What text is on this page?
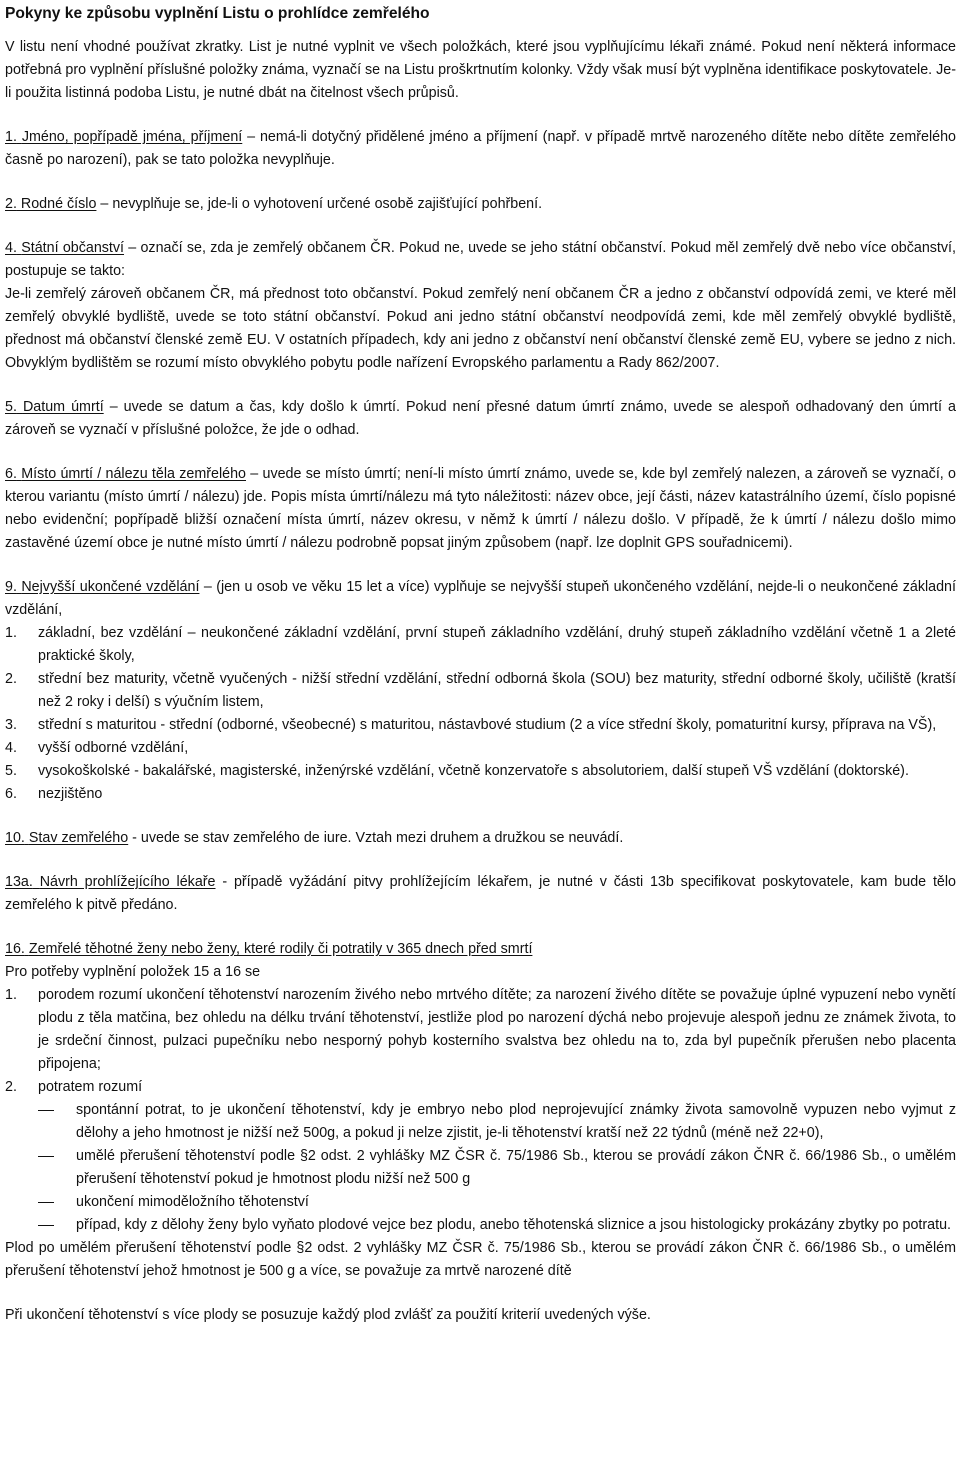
Pokyny ke způsobu vyplnění Listu o prohlídce zemřelého

V listu není vhodné používat zkratky. List je nutné vyplnit ve všech položkách, které jsou vyplňujícímu lékaři známé. Pokud není některá informace potřebná pro vyplnění příslušné položky známa, vyznačí se na Listu proškrtnutím kolonky. Vždy však musí být vyplněna identifikace poskytovatele. Je-li použita listinná podoba Listu, je nutné dbát na čitelnost všech průpisů.

1. Jméno, popřípadě jména, příjmení – nemá-li dotyčný přidělené jméno a příjmení (např. v případě mrtvě narozeného dítěte nebo dítěte zemřelého časně po narození), pak se tato položka nevyplňuje.

2. Rodné číslo – nevyplňuje se, jde-li o vyhotovení určené osobě zajišťující pohřbení.

4. Státní občanství – označí se, zda je zemřelý občanem ČR. Pokud ne, uvede se jeho státní občanství. Pokud měl zemřelý dvě nebo více občanství, postupuje se takto:

Je-li zemřelý zároveň občanem ČR, má přednost toto občanství. Pokud zemřelý není občanem ČR a jedno z občanství odpovídá zemi, ve které měl zemřelý obvyklé bydliště, uvede se toto státní občanství. Pokud ani jedno státní občanství neodpovídá zemi, kde měl zemřelý obvyklé bydliště, přednost má občanství členské země EU. V ostatních případech, kdy ani jedno z občanství není občanství členské země EU, vybere se jedno z nich. Obvyklým bydlištěm se rozumí místo obvyklého pobytu podle nařízení Evropského parlamentu a Rady 862/2007.

5. Datum úmrtí – uvede se datum a čas, kdy došlo k úmrtí. Pokud není přesné datum úmrtí známo, uvede se alespoň odhadovaný den úmrtí a zároveň se vyznačí v příslušné položce, že jde o odhad.

6. Místo úmrtí / nálezu těla zemřelého – uvede se místo úmrtí; není-li místo úmrtí známo, uvede se, kde byl zemřelý nalezen, a zároveň se vyznačí, o kterou variantu (místo úmrtí / nálezu) jde. Popis místa úmrtí/nálezu má tyto náležitosti: název obce, její části, název katastrálního území, číslo popisné nebo evidenční; popřípadě bližší označení místa úmrtí, název okresu, v němž k úmrtí / nálezu došlo. V případě, že k úmrtí / nálezu došlo mimo zastavěné území obce je nutné místo úmrtí / nálezu podrobně popsat jiným způsobem (např. lze doplnit GPS souřadnicemi).

9. Nejvyšší ukončené vzdělání – (jen u osob ve věku 15 let a více) vyplňuje se nejvyšší stupeň ukončeného vzdělání, nejde-li o neukončené základní vzdělání,

1. základní, bez vzdělání – neukončené základní vzdělání, první stupeň základního vzdělání, druhý stupeň základního vzdělání včetně 1 a 2leté praktické školy,
2. střední bez maturity, včetně vyučených - nižší střední vzdělání, střední odborná škola (SOU) bez maturity, střední odborné školy, učiliště (kratší než 2 roky i delší) s výučním listem,
3. střední s maturitou - střední (odborné, všeobecné) s maturitou, nástavbové studium (2 a více střední školy, pomaturitní kursy, příprava na VŠ),
4. vyšší odborné vzdělání,
5. vysokoškolské - bakalářské, magisterské, inženýrské vzdělání, včetně konzervatoře s absolutoriem, další stupeň VŠ vzdělání (doktorské).
6. nezjištěno

10. Stav zemřelého - uvede se stav zemřelého de iure. Vztah mezi druhem a družkou se neuvádí.

13a. Návrh prohlížejícího lékaře - případě vyžádání pitvy prohlížejícím lékařem, je nutné v části 13b specifikovat poskytovatele, kam bude tělo zemřelého k pitvě předáno.

16. Zemřelé těhotné ženy nebo ženy, které rodily či potratily v 365 dnech před smrtí

Pro potřeby vyplnění položek 15 a 16 se

1. porodem rozumí ukončení těhotenství narozením živého nebo mrtvého dítěte; za narození živého dítěte se považuje úplné vypuzení nebo vynětí plodu z těla matčina, bez ohledu na délku trvání těhotenství, jestliže plod po narození dýchá nebo projevuje alespoň jednu ze známek života, to je srdeční činnost, pulzaci pupečníku nebo nesporný pohyb kosterního svalstva bez ohledu na to, zda byl pupečník přerušen nebo placenta připojena;
2. potratem rozumí
spontánní potrat, to je ukončení těhotenství, kdy je embryo nebo plod neprojevující známky života samovolně vypuzen nebo vyjmut z dělohy a jeho hmotnost je nižší než 500g, a pokud ji nelze zjistit, je-li těhotenství kratší než 22 týdnů (méně než 22+0),
umělé přerušení těhotenství podle §2 odst. 2 vyhlášky MZ ČSR č. 75/1986 Sb., kterou se provádí zákon ČNR č. 66/1986 Sb., o umělém přerušení těhotenství pokud je hmotnost plodu nižší než 500 g
ukončení mimoděložního těhotenství
případ, kdy z dělohy ženy bylo vyňato plodové vejce bez plodu, anebo těhotenská sliznice a jsou histologicky prokázány zbytky po potratu.

Plod po umělém přerušení těhotenství podle §2 odst. 2 vyhlášky MZ ČSR č. 75/1986 Sb., kterou se provádí zákon ČNR č. 66/1986 Sb., o umělém přerušení těhotenství jehož hmotnost je 500 g a více, se považuje za mrtvě narozené dítě

Při ukončení těhotenství s více plody se posuzuje každý plod zvlášť za použití kriterií uvedených výše.
